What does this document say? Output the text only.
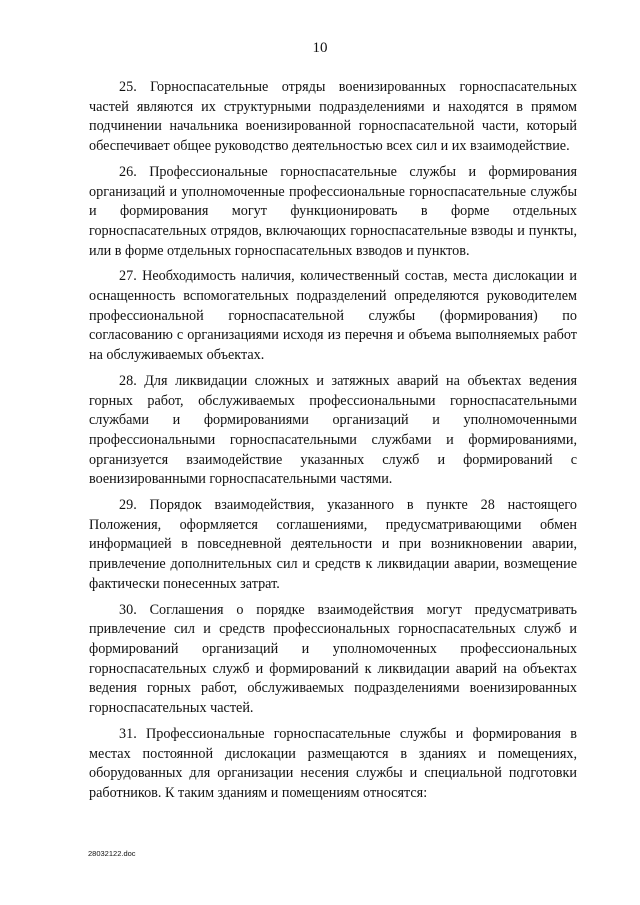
10

25. Горноспасательные отряды военизированных горноспасательных частей являются их структурными подразделениями и находятся в прямом подчинении начальника военизированной горноспасательной части, который обеспечивает общее руководство деятельностью всех сил и их взаимодействие.

26. Профессиональные горноспасательные службы и формирования организаций и уполномоченные профессиональные горноспасательные службы и формирования могут функционировать в форме отдельных горноспасательных отрядов, включающих горноспасательные взводы и пункты, или в форме отдельных горноспасательных взводов и пунктов.

27. Необходимость наличия, количественный состав, места дислокации и оснащенность вспомогательных подразделений определяются руководителем профессиональной горноспасательной службы (формирования) по согласованию с организациями исходя из перечня и объема выполняемых работ на обслуживаемых объектах.

28. Для ликвидации сложных и затяжных аварий на объектах ведения горных работ, обслуживаемых профессиональными горноспасательными службами и формированиями организаций и уполномоченными профессиональными горноспасательными службами и формированиями, организуется взаимодействие указанных служб и формирований с военизированными горноспасательными частями.

29. Порядок взаимодействия, указанного в пункте 28 настоящего Положения, оформляется соглашениями, предусматривающими обмен информацией в повседневной деятельности и при возникновении аварии, привлечение дополнительных сил и средств к ликвидации аварии, возмещение фактически понесенных затрат.

30. Соглашения о порядке взаимодействия могут предусматривать привлечение сил и средств профессиональных горноспасательных служб и формирований организаций и уполномоченных профессиональных горноспасательных служб и формирований к ликвидации аварий на объектах ведения горных работ, обслуживаемых подразделениями военизированных горноспасательных частей.

31. Профессиональные горноспасательные службы и формирования в местах постоянной дислокации размещаются в зданиях и помещениях, оборудованных для организации несения службы и специальной подготовки работников. К таким зданиям и помещениям относятся:

28032122.doc
